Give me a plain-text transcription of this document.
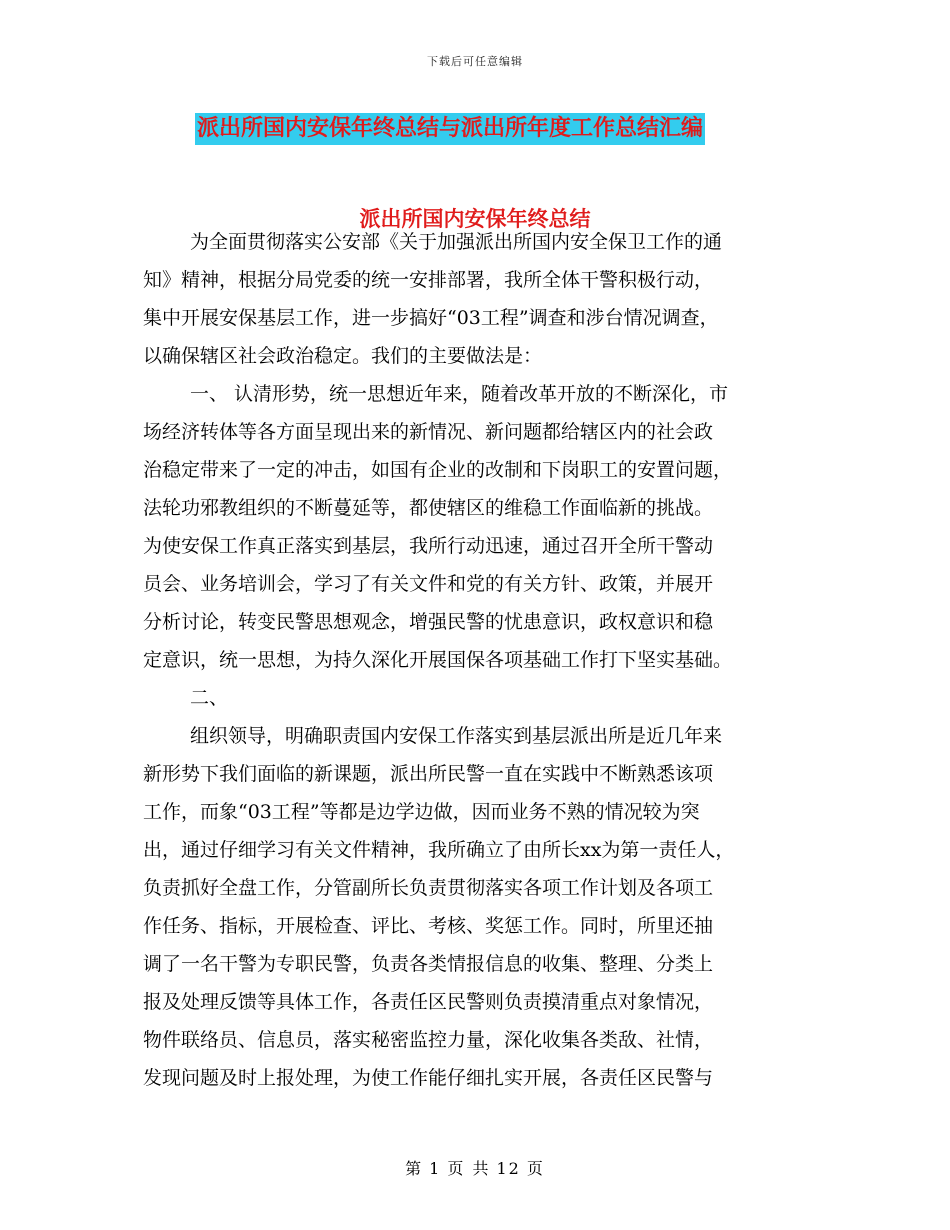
下载后可任意编辑
派出所国内安保年终总结与派出所年度工作总结汇编
派出所国内安保年终总结
为全面贯彻落实公安部《关于加强派出所国内安全保卫工作的通
知》精神，根据分局党委的统一安排部署，我所全体干警积极行动，
集中开展安保基层工作，进一步搞好“03工程”调查和涉台情况调查，
以确保辖区社会政治稳定。我们的主要做法是：
一、 认清形势，统一思想近年来，随着改革开放的不断深化，市
场经济转体等各方面呈现出来的新情况、新问题都给辖区内的社会政
治稳定带来了一定的冲击，如国有企业的改制和下岗职工的安置问题，
法轮功邪教组织的不断蔓延等，都使辖区的维稳工作面临新的挑战。
为使安保工作真正落实到基层，我所行动迅速，通过召开全所干警动
员会、业务培训会，学习了有关文件和党的有关方针、政策，并展开
分析讨论，转变民警思想观念，增强民警的忧患意识，政权意识和稳
定意识，统一思想，为持久深化开展国保各项基础工作打下坚实基础。
二、
组织领导，明确职责国内安保工作落实到基层派出所是近几年来
新形势下我们面临的新课题，派出所民警一直在实践中不断熟悉该项
工作，而象“03工程”等都是边学边做，因而业务不熟的情况较为突
出，通过仔细学习有关文件精神，我所确立了由所长xx为第一责任人，
负责抓好全盘工作，分管副所长负责贯彻落实各项工作计划及各项工
作任务、指标，开展检查、评比、考核、奖惩工作。同时，所里还抽
调了一名干警为专职民警，负责各类情报信息的收集、整理、分类上
报及处理反馈等具体工作，各责任区民警则负责摸清重点对象情况，
物件联络员、信息员，落实秘密监控力量，深化收集各类敌、社情，
发现问题及时上报处理，为使工作能仔细扎实开展，各责任区民警与
第 1 页 共 12 页
